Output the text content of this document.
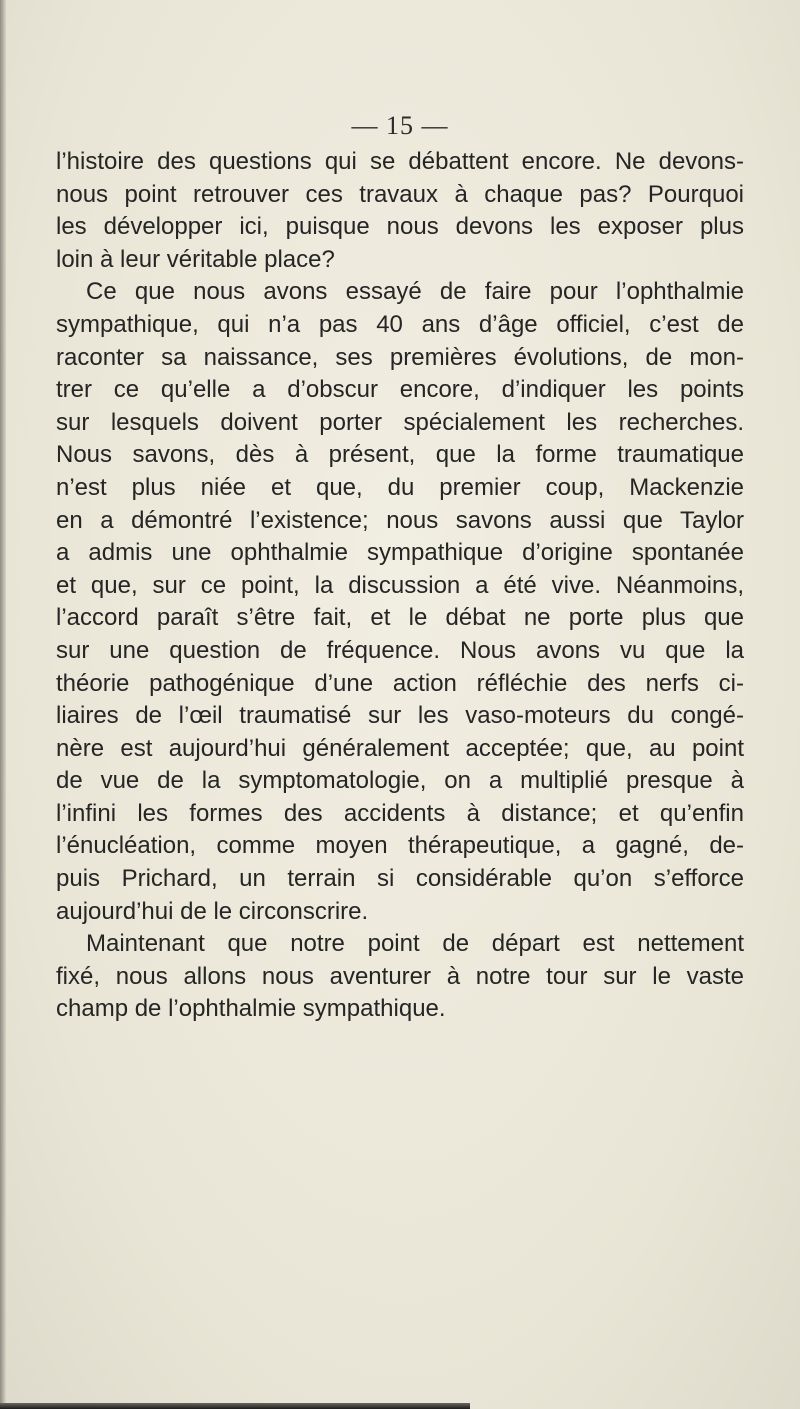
— 15 —

l’histoire des questions qui se débattent encore. Ne devons-
nous point retrouver ces travaux à chaque pas? Pourquoi
les développer ici, puisque nous devons les exposer plus
loin à leur véritable place?

Ce que nous avons essayé de faire pour l’ophthalmie
sympathique, qui n’a pas 40 ans d’âge officiel, c’est de
raconter sa naissance, ses premières évolutions, de mon-
trer ce qu’elle a d’obscur encore, d’indiquer les points
sur lesquels doivent porter spécialement les recherches.
Nous savons, dès à présent, que la forme traumatique
n’est plus niée et que, du premier coup, Mackenzie
en a démontré l’existence; nous savons aussi que Taylor
a admis une ophthalmie sympathique d’origine spontanée
et que, sur ce point, la discussion a été vive. Néanmoins,
l’accord paraît s’être fait, et le débat ne porte plus que
sur une question de fréquence. Nous avons vu que la
théorie pathogénique d’une action réfléchie des nerfs ci-
liaires de l’œil traumatisé sur les vaso-moteurs du congé-
nère est aujourd’hui généralement acceptée; que, au point
de vue de la symptomatologie, on a multiplié presque à
l’infini les formes des accidents à distance; et qu’enfin
l’énucléation, comme moyen thérapeutique, a gagné, de-
puis Prichard, un terrain si considérable qu’on s’efforce
aujourd’hui de le circonscrire.

Maintenant que notre point de départ est nettement
fixé, nous allons nous aventurer à notre tour sur le vaste
champ de l’ophthalmie sympathique.
